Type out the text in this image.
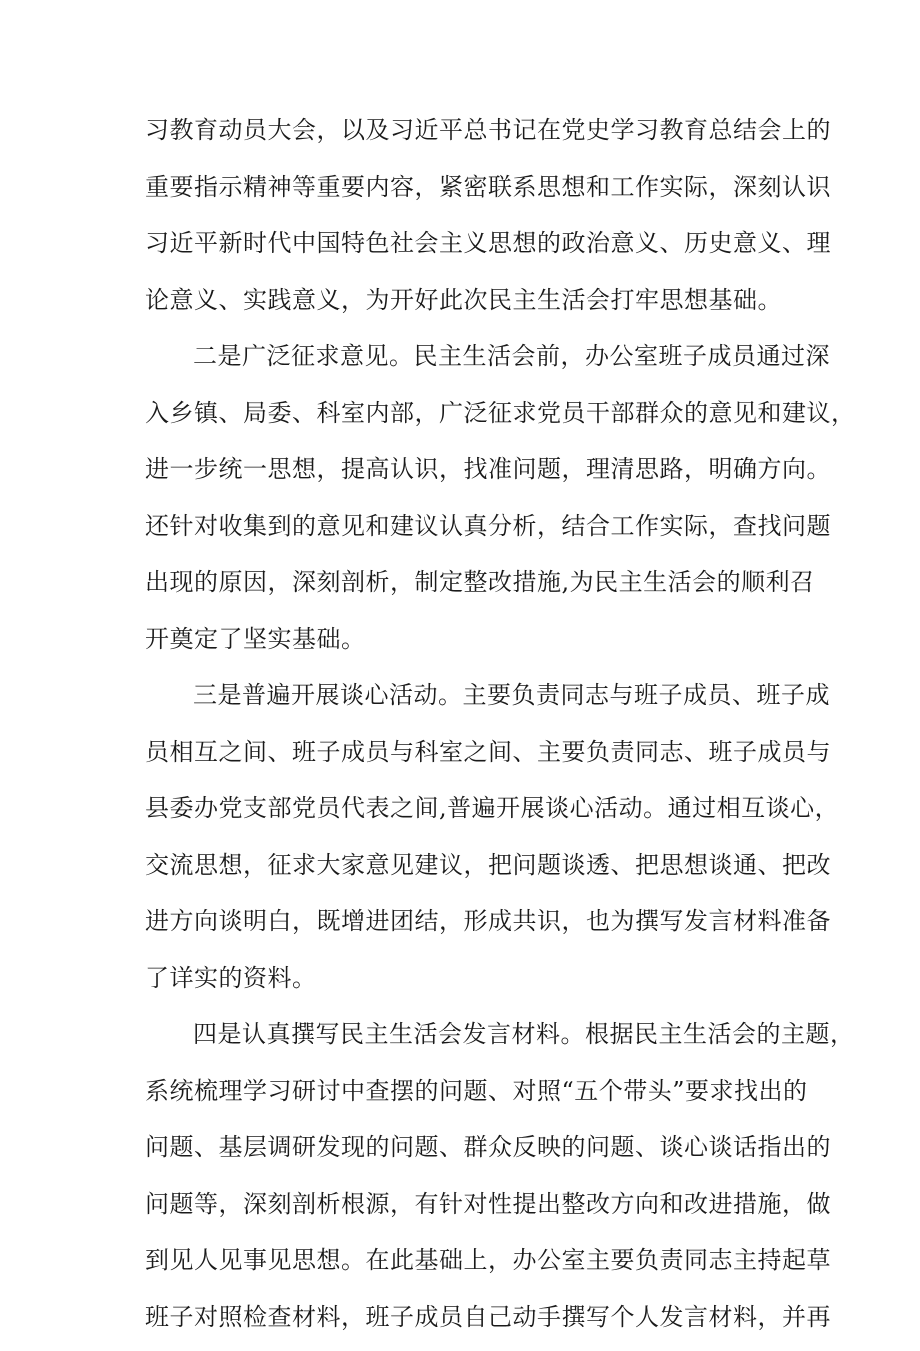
习教育动员大会，以及习近平总书记在党史学习教育总结会上的
重要指示精神等重要内容，紧密联系思想和工作实际，深刻认识
习近平新时代中国特色社会主义思想的政治意义、历史意义、理
论意义、实践意义，为开好此次民主生活会打牢思想基础。
二是广泛征求意见。民主生活会前，办公室班子成员通过深
入乡镇、局委、科室内部，广泛征求党员干部群众的意见和建议，
进一步统一思想，提高认识，找准问题，理清思路，明确方向。
还针对收集到的意见和建议认真分析，结合工作实际，查找问题
出现的原因，深刻剖析，制定整改措施,为民主生活会的顺利召
开奠定了坚实基础。
三是普遍开展谈心活动。主要负责同志与班子成员、班子成
员相互之间、班子成员与科室之间、主要负责同志、班子成员与
县委办党支部党员代表之间,普遍开展谈心活动。通过相互谈心，
交流思想，征求大家意见建议，把问题谈透、把思想谈通、把改
进方向谈明白，既增进团结，形成共识，也为撰写发言材料准备
了详实的资料。
四是认真撰写民主生活会发言材料。根据民主生活会的主题，
系统梳理学习研讨中查摆的问题、对照“五个带头”要求找出的
问题、基层调研发现的问题、群众反映的问题、谈心谈话指出的
问题等，深刻剖析根源，有针对性提出整改方向和改进措施，做
到见人见事见思想。在此基础上，办公室主要负责同志主持起草
班子对照检查材料，班子成员自己动手撰写个人发言材料，并再
